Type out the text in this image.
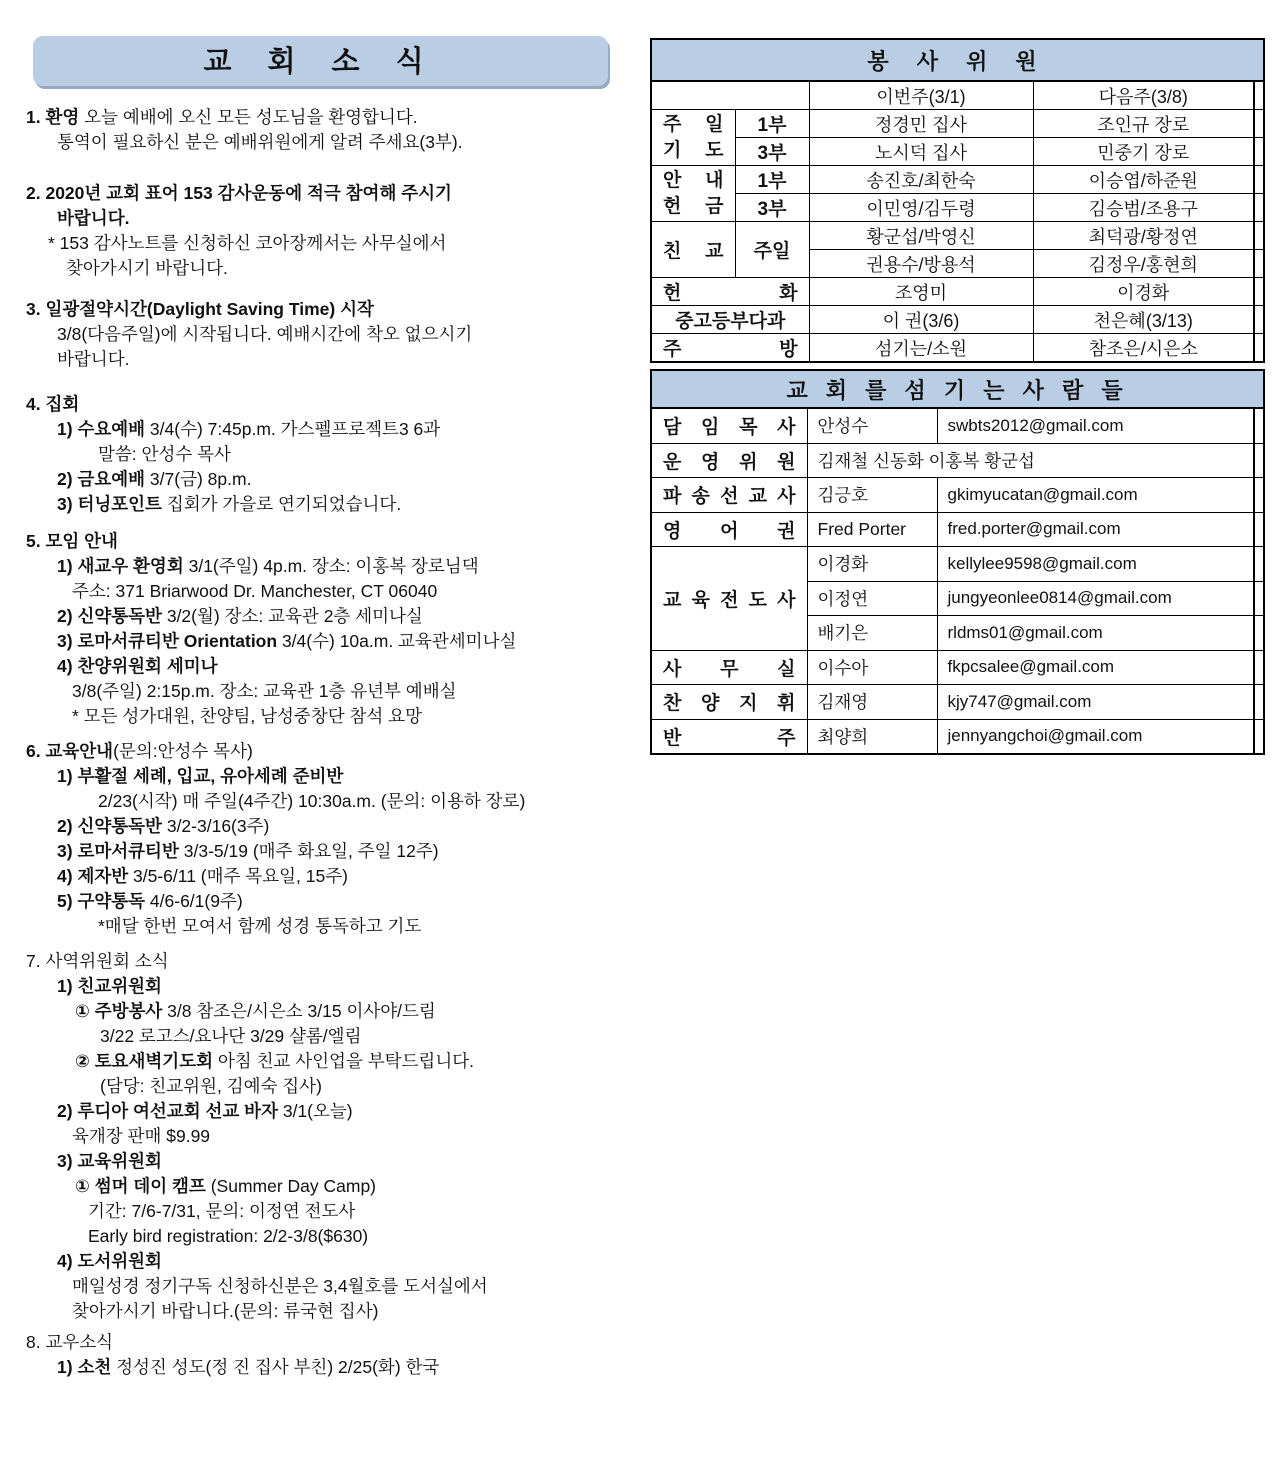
교 회 소 식
1. 환영 오늘 예배에 오신 모든 성도님을 환영합니다.
통역이 필요하신 분은 예배위원에게 알려 주세요(3부).
2. 2020년 교회 표어 153 감사운동에 적극 참여해 주시기
바랍니다.
* 153 감사노트를 신청하신 코아장께서는 사무실에서
찾아가시기 바랍니다.
3. 일광절약시간(Daylight Saving Time) 시작
3/8(다음주일)에 시작됩니다. 예배시간에 착오 없으시기
바랍니다.
4. 집회
1) 수요예배 3/4(수) 7:45p.m. 가스펠프로젝트3 6과
말씀: 안성수 목사
2) 금요예배 3/7(금) 8p.m.
3) 터닝포인트 집회가 가을로 연기되었습니다.
5. 모임 안내
1) 새교우 환영회 3/1(주일) 4p.m. 장소: 이홍복 장로님댁
주소: 371 Briarwood Dr. Manchester, CT 06040
2) 신약통독반 3/2(월) 장소: 교육관 2층 세미나실
3) 로마서큐티반 Orientation 3/4(수) 10a.m. 교육관세미나실
4) 찬양위원회 세미나
3/8(주일) 2:15p.m. 장소: 교육관 1층 유년부 예배실
* 모든 성가대원, 찬양팀, 남성중창단 참석 요망
6. 교육안내(문의:안성수 목사)
1) 부활절 세례, 입교, 유아세례 준비반
2/23(시작) 매 주일(4주간) 10:30a.m. (문의: 이용하 장로)
2) 신약통독반 3/2-3/16(3주)
3) 로마서큐티반 3/3-5/19 (매주 화요일, 주일 12주)
4) 제자반 3/5-6/11 (매주 목요일, 15주)
5) 구약통독 4/6-6/1(9주)
*매달 한번 모여서 함께 성경 통독하고 기도
7. 사역위원회 소식
1) 친교위원회
① 주방봉사 3/8 참조은/시은소 3/15 이사야/드림
3/22 로고스/요나단 3/29 샬롬/엘림
② 토요새벽기도회 아침 친교 사인업을 부탁드립니다.
(담당: 친교위원, 김예숙 집사)
2) 루디아 여선교회 선교 바자 3/1(오늘)
육개장 판매 $9.99
3) 교육위원회
① 썸머 데이 캠프 (Summer Day Camp)
기간: 7/6-7/31, 문의: 이정연 전도사
Early bird registration: 2/2-3/8($630)
4) 도서위원회
매일성경 정기구독 신청하신분은 3,4월호를 도서실에서
찾아가시기 바랍니다.(문의: 류국현 집사)
8. 교우소식
1) 소천 정성진 성도(정 진 집사 부친) 2/25(화) 한국
봉 사 위 원				
		이번주(3/1)	다음주(3/8)	

주 일
기 도	1부	정경민 집사	조인규 장로	
	3부	노시덕 집사	민중기 장로	

안 내
헌 금	1부	송진호/최한숙	이승엽/하준원	
	3부	이민영/김두령	김승범/조용구	
친 교	주일	황군섭/박영신	최덕광/황정연	
		권용수/방용석	김정우/홍현희	
헌 화		조영미	이경화	
중고등부다과		이 권(3/6)	천은혜(3/13)	
주 방		섬기는/소원	참조은/시은소	
교 회 를 섬 기 는 사 람 들			
담 임 목 사	안성수	swbts2012@gmail.com	
운 영 위 원	김재철 신동화 이홍복 황군섭		
파 송 선 교 사	김긍호	gkimyucatan@gmail.com	
영 어 권	Fred Porter	fred.porter@gmail.com	
교 육 전 도 사	이경화	kellylee9598@gmail.com	
	이정연	jungyeonlee0814@gmail.com	
	배기은	rldms01@gmail.com	
사 무 실	이수아	fkpcsalee@gmail.com	
찬 양 지 휘	김재영	kjy747@gmail.com	
반 주	최양희	jennyangchoi@gmail.com	
